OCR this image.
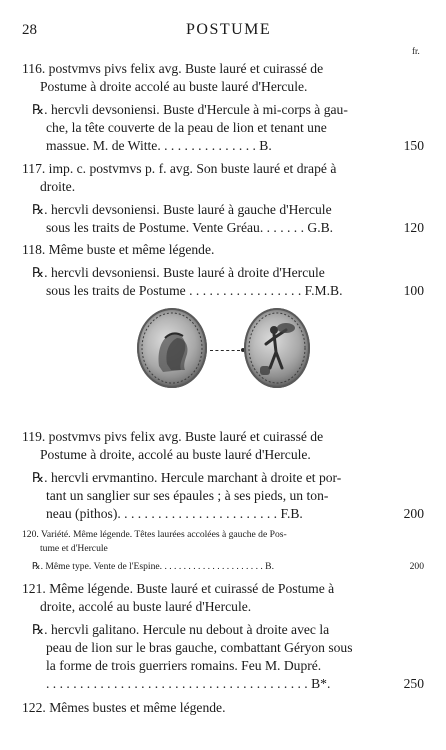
28	POSTUME
fr.
116. postvmvs pivs felix avg. Buste lauré et cuirassé de
Postume à droite accolé au buste lauré d'Hercule.
℞. hercvli devsoniensi. Buste d'Hercule à mi-corps à gau-
che, la tête couverte de la peau de lion et tenant une
massue. M. de Witte. . . . . . . . . . . . . . . B.	150
117. imp. c. postvmvs p. f. avg. Son buste lauré et drapé à
droite.
℞. hercvli devsoniensi. Buste lauré à gauche d'Hercule
sous les traits de Postume. Vente Gréau. . . . . . . G.B.	120
118. Même buste et même légende.
℞. hercvli devsoniensi. Buste lauré à droite d'Hercule
sous les traits de Postume . . . . . . . . . . . . . . . . . F.M.B.	100
119. postvmvs pivs felix avg. Buste lauré et cuirassé de
Postume à droite, accolé au buste lauré d'Hercule.
℞. hercvli ervmantino. Hercule marchant à droite et por-
tant un sanglier sur ses épaules ; à ses pieds, un ton-
neau (pithos). . . . . . . . . . . . . . . . . . . . . . . . F.B.	200
120. Variété. Même légende. Têtes laurées accolées à gauche de Pos-
tume et d'Hercule
℞. Même type. Vente de l'Espine. . . . . . . . . . . . . . . . . . . . . . B.	200
121. Même légende. Buste lauré et cuirassé de Postume à
droite, accolé au buste lauré d'Hercule.
℞. hercvli galitano. Hercule nu debout à droite avec la
peau de lion sur le bras gauche, combattant Géryon sous
la forme de trois guerriers romains. Feu M. Dupré.
. . . . . . . . . . . . . . . . . . . . . . . . . . . . . . . . . . . . . . . B*.	250
122. Mêmes bustes et même légende.
